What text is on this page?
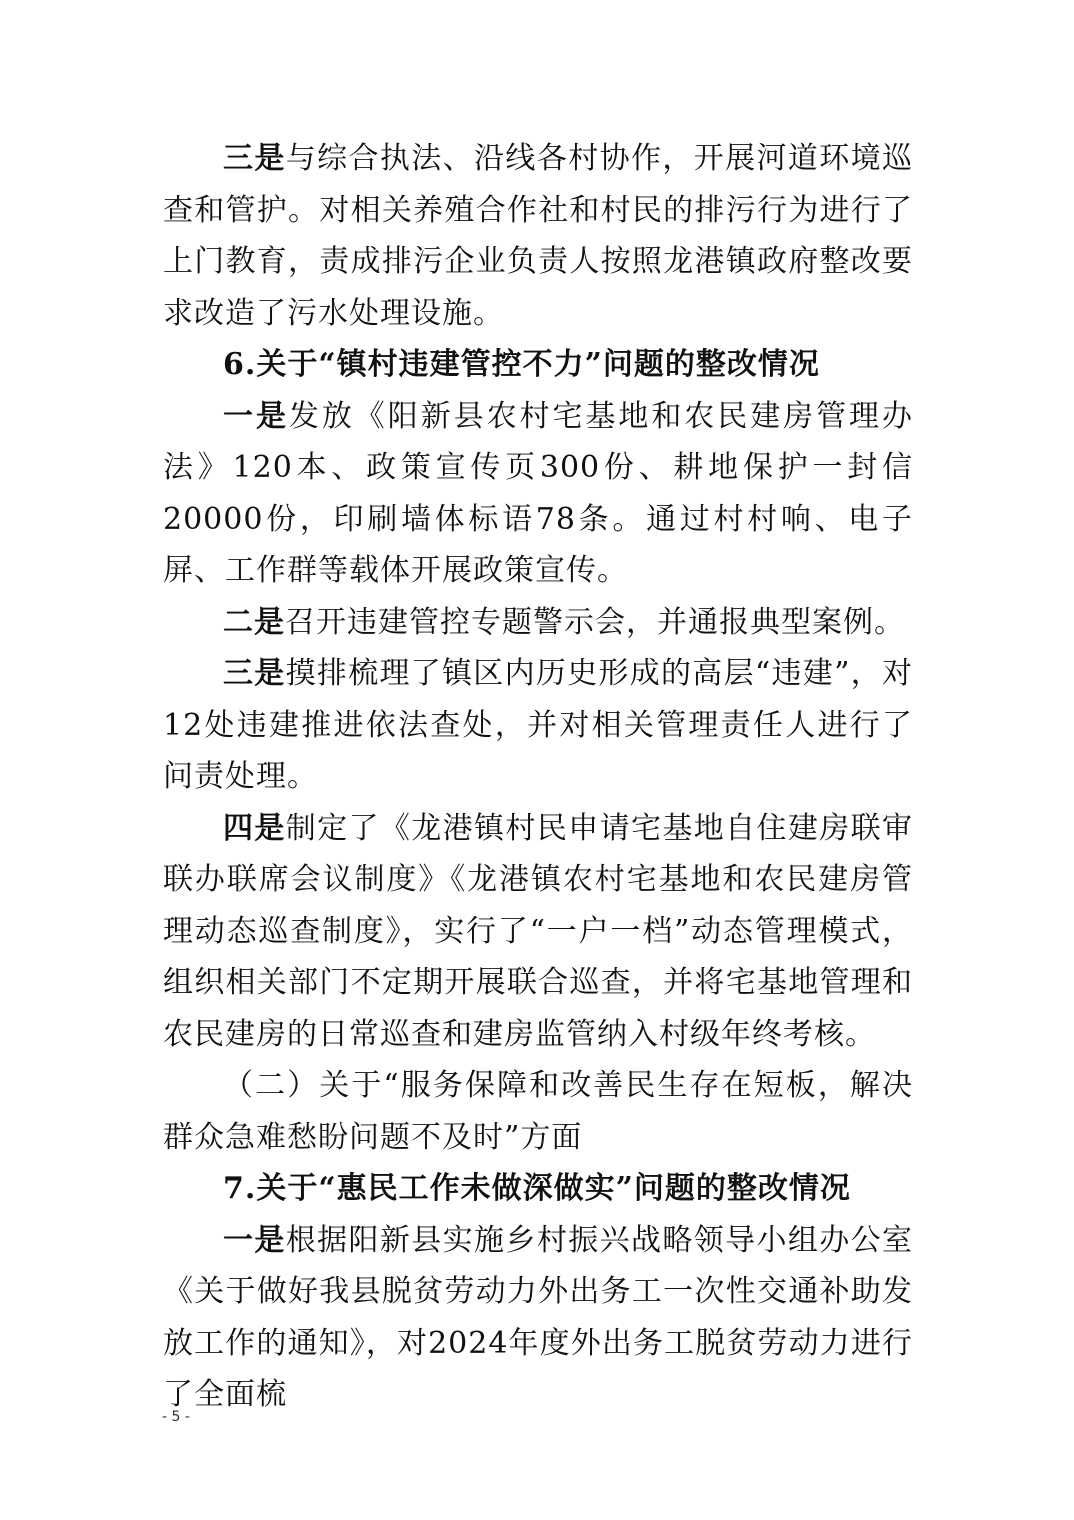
三是与综合执法、沿线各村协作，开展河道环境巡查和管护。对相关养殖合作社和村民的排污行为进行了上门教育，责成排污企业负责人按照龙港镇政府整改要求改造了污水处理设施。

6.关于“镇村违建管控不力”问题的整改情况

一是发放《阳新县农村宅基地和农民建房管理办法》120本、政策宣传页300份、耕地保护一封信20000份，印刷墙体标语78条。通过村村响、电子屏、工作群等载体开展政策宣传。

二是召开违建管控专题警示会，并通报典型案例。

三是摸排梳理了镇区内历史形成的高层“违建”，对12处违建推进依法查处，并对相关管理责任人进行了问责处理。

四是制定了《龙港镇村民申请宅基地自住建房联审联办联席会议制度》《龙港镇农村宅基地和农民建房管理动态巡查制度》，实行了“一户一档”动态管理模式，组织相关部门不定期开展联合巡查，并将宅基地管理和农民建房的日常巡查和建房监管纳入村级年终考核。

（二）关于“服务保障和改善民生存在短板，解决群众急难愁盼问题不及时”方面

7.关于“惠民工作未做深做实”问题的整改情况

一是根据阳新县实施乡村振兴战略领导小组办公室《关于做好我县脱贫劳动力外出务工一次性交通补助发放工作的通知》，对2024年度外出务工脱贫劳动力进行了全面梳

- 5 -
